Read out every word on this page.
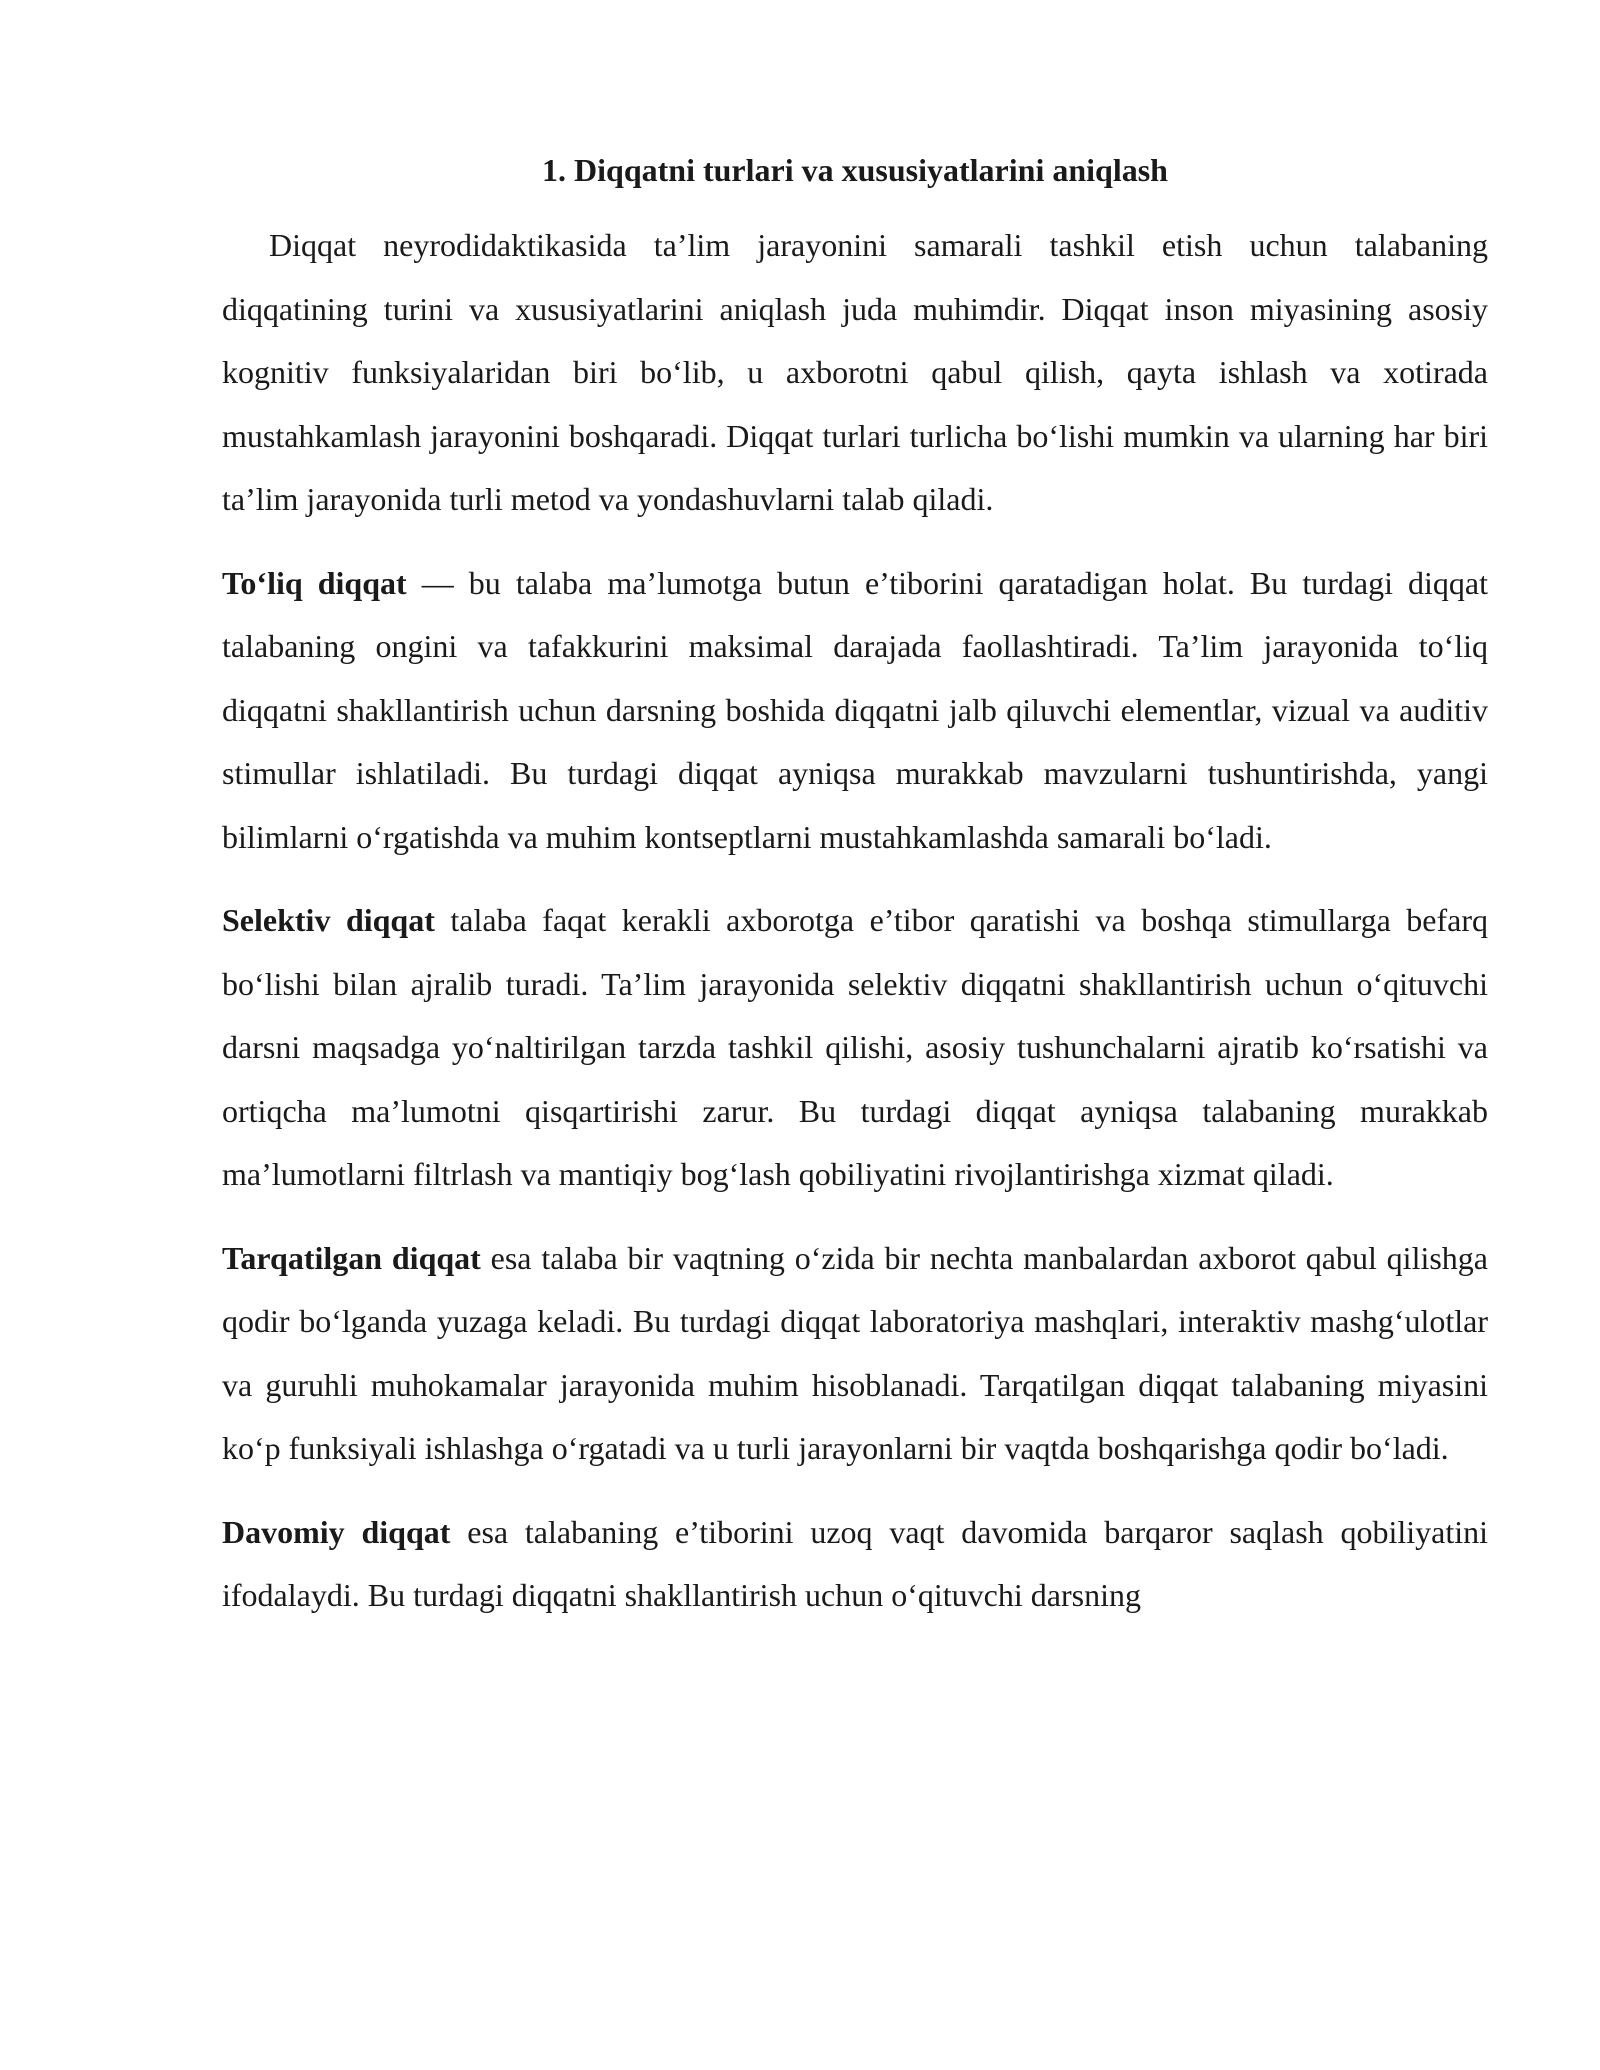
1. Diqqatni turlari va xususiyatlarini aniqlash

Diqqat neyrodidaktikasida ta’lim jarayonini samarali tashkil etish uchun talabaning diqqatining turini va xususiyatlarini aniqlash juda muhimdir. Diqqat inson miyasining asosiy kognitiv funksiyalaridan biri bo‘lib, u axborotni qabul qilish, qayta ishlash va xotirada mustahkamlash jarayonini boshqaradi. Diqqat turlari turlicha bo‘lishi mumkin va ularning har biri ta’lim jarayonida turli metod va yondashuvlarni talab qiladi.

To‘liq diqqat — bu talaba ma’lumotga butun e’tiborini qaratadigan holat. Bu turdagi diqqat talabaning ongini va tafakkurini maksimal darajada faollashtiradi. Ta’lim jarayonida to‘liq diqqatni shakllantirish uchun darsning boshida diqqatni jalb qiluvchi elementlar, vizual va auditiv stimullar ishlatiladi. Bu turdagi diqqat ayniqsa murakkab mavzularni tushuntirishda, yangi bilimlarni o‘rgatishda va muhim kontseptlarni mustahkamlashda samarali bo‘ladi.

Selektiv diqqat talaba faqat kerakli axborotga e’tibor qaratishi va boshqa stimullarga befarq bo‘lishi bilan ajralib turadi. Ta’lim jarayonida selektiv diqqatni shakllantirish uchun o‘qituvchi darsni maqsadga yo‘naltirilgan tarzda tashkil qilishi, asosiy tushunchalarni ajratib ko‘rsatishi va ortiqcha ma’lumotni qisqartirishi zarur. Bu turdagi diqqat ayniqsa talabaning murakkab ma’lumotlarni filtrlash va mantiqiy bog‘lash qobiliyatini rivojlantirishga xizmat qiladi.

Tarqatilgan diqqat esa talaba bir vaqtning o‘zida bir nechta manbalardan axborot qabul qilishga qodir bo‘lganda yuzaga keladi. Bu turdagi diqqat laboratoriya mashqlari, interaktiv mashg‘ulotlar va guruhli muhokamalar jarayonida muhim hisoblanadi. Tarqatilgan diqqat talabaning miyasini ko‘p funksiyali ishlashga o‘rgatadi va u turli jarayonlarni bir vaqtda boshqarishga qodir bo‘ladi.

Davomiy diqqat esa talabaning e’tiborini uzoq vaqt davomida barqaror saqlash qobiliyatini ifodalaydi. Bu turdagi diqqatni shakllantirish uchun o‘qituvchi darsning
